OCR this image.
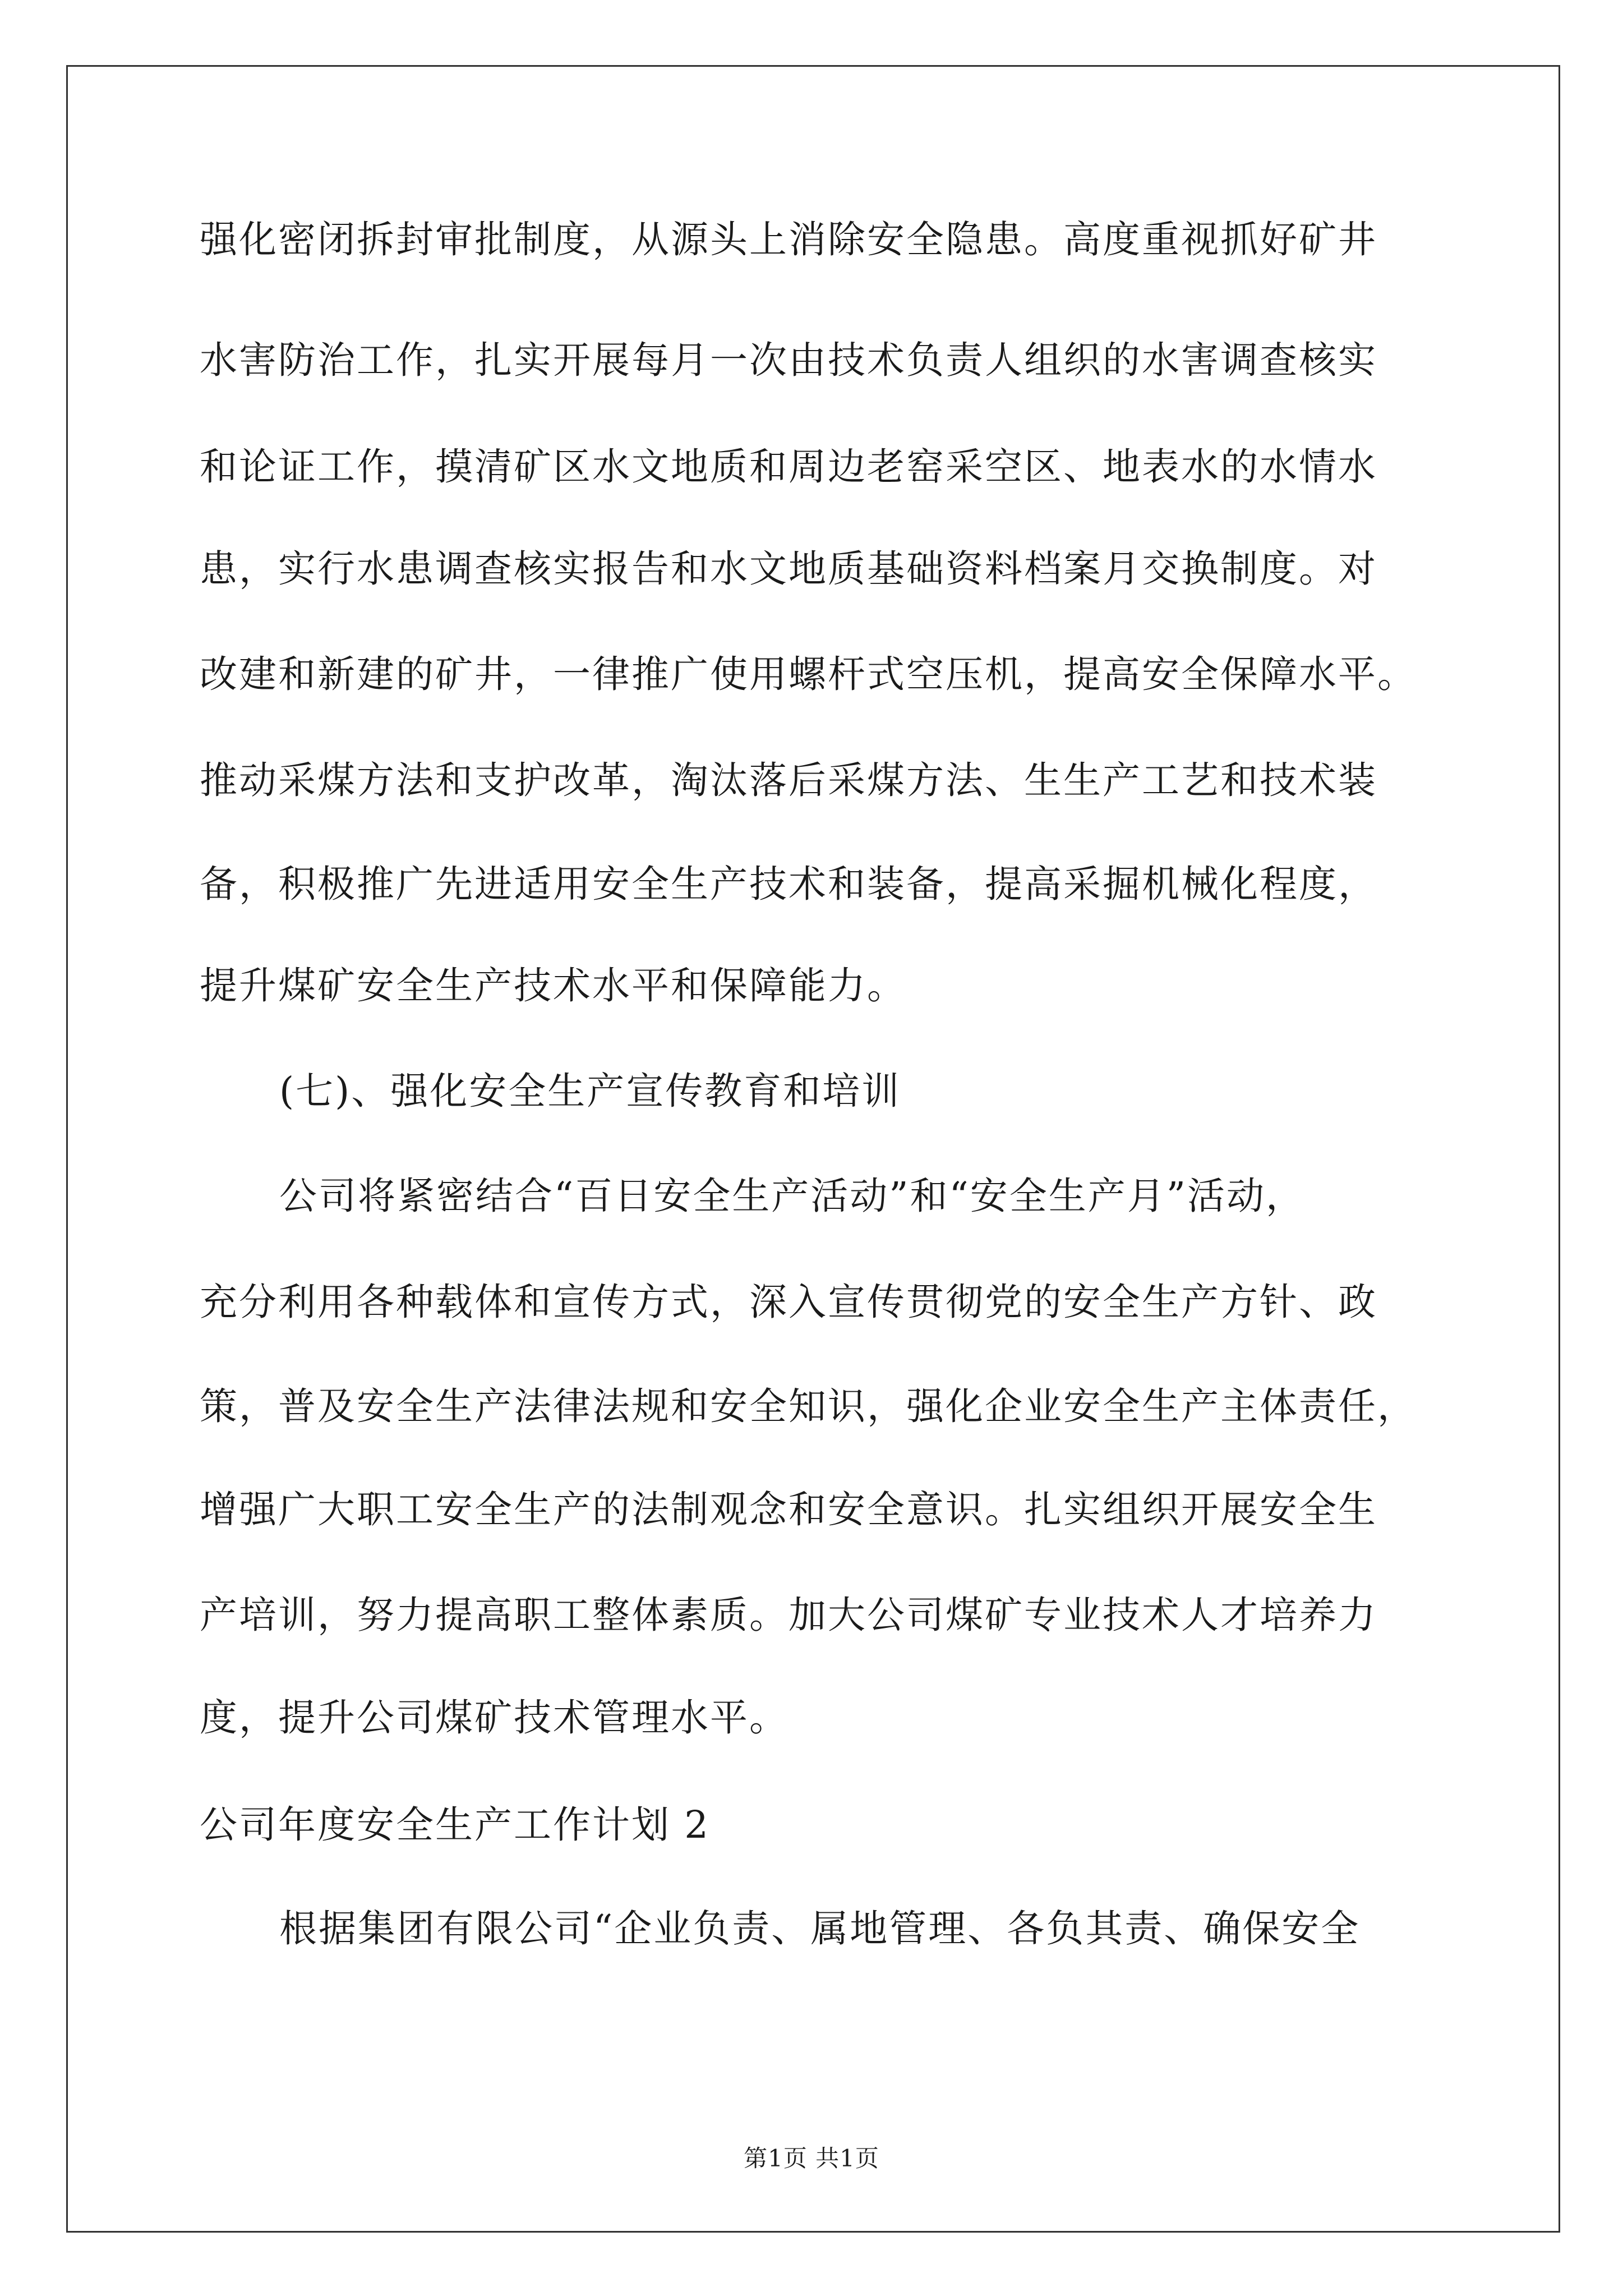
强化密闭拆封审批制度，从源头上消除安全隐患。高度重视抓好矿井
水害防治工作，扎实开展每月一次由技术负责人组织的水害调查核实
和论证工作，摸清矿区水文地质和周边老窑采空区、地表水的水情水
患，实行水患调查核实报告和水文地质基础资料档案月交换制度。对
改建和新建的矿井，一律推广使用螺杆式空压机，提高安全保障水平。
推动采煤方法和支护改革，淘汰落后采煤方法、生生产工艺和技术装
备，积极推广先进适用安全生产技术和装备，提高采掘机械化程度，
提升煤矿安全生产技术水平和保障能力。
(七)、强化安全生产宣传教育和培训
公司将紧密结合“百日安全生产活动”和“安全生产月”活动，
充分利用各种载体和宣传方式，深入宣传贯彻党的安全生产方针、政
策，普及安全生产法律法规和安全知识，强化企业安全生产主体责任，
增强广大职工安全生产的法制观念和安全意识。扎实组织开展安全生
产培训，努力提高职工整体素质。加大公司煤矿专业技术人才培养力
度，提升公司煤矿技术管理水平。
公司年度安全生产工作计划 2
根据集团有限公司“企业负责、属地管理、各负其责、确保安全
第1页 共1页
